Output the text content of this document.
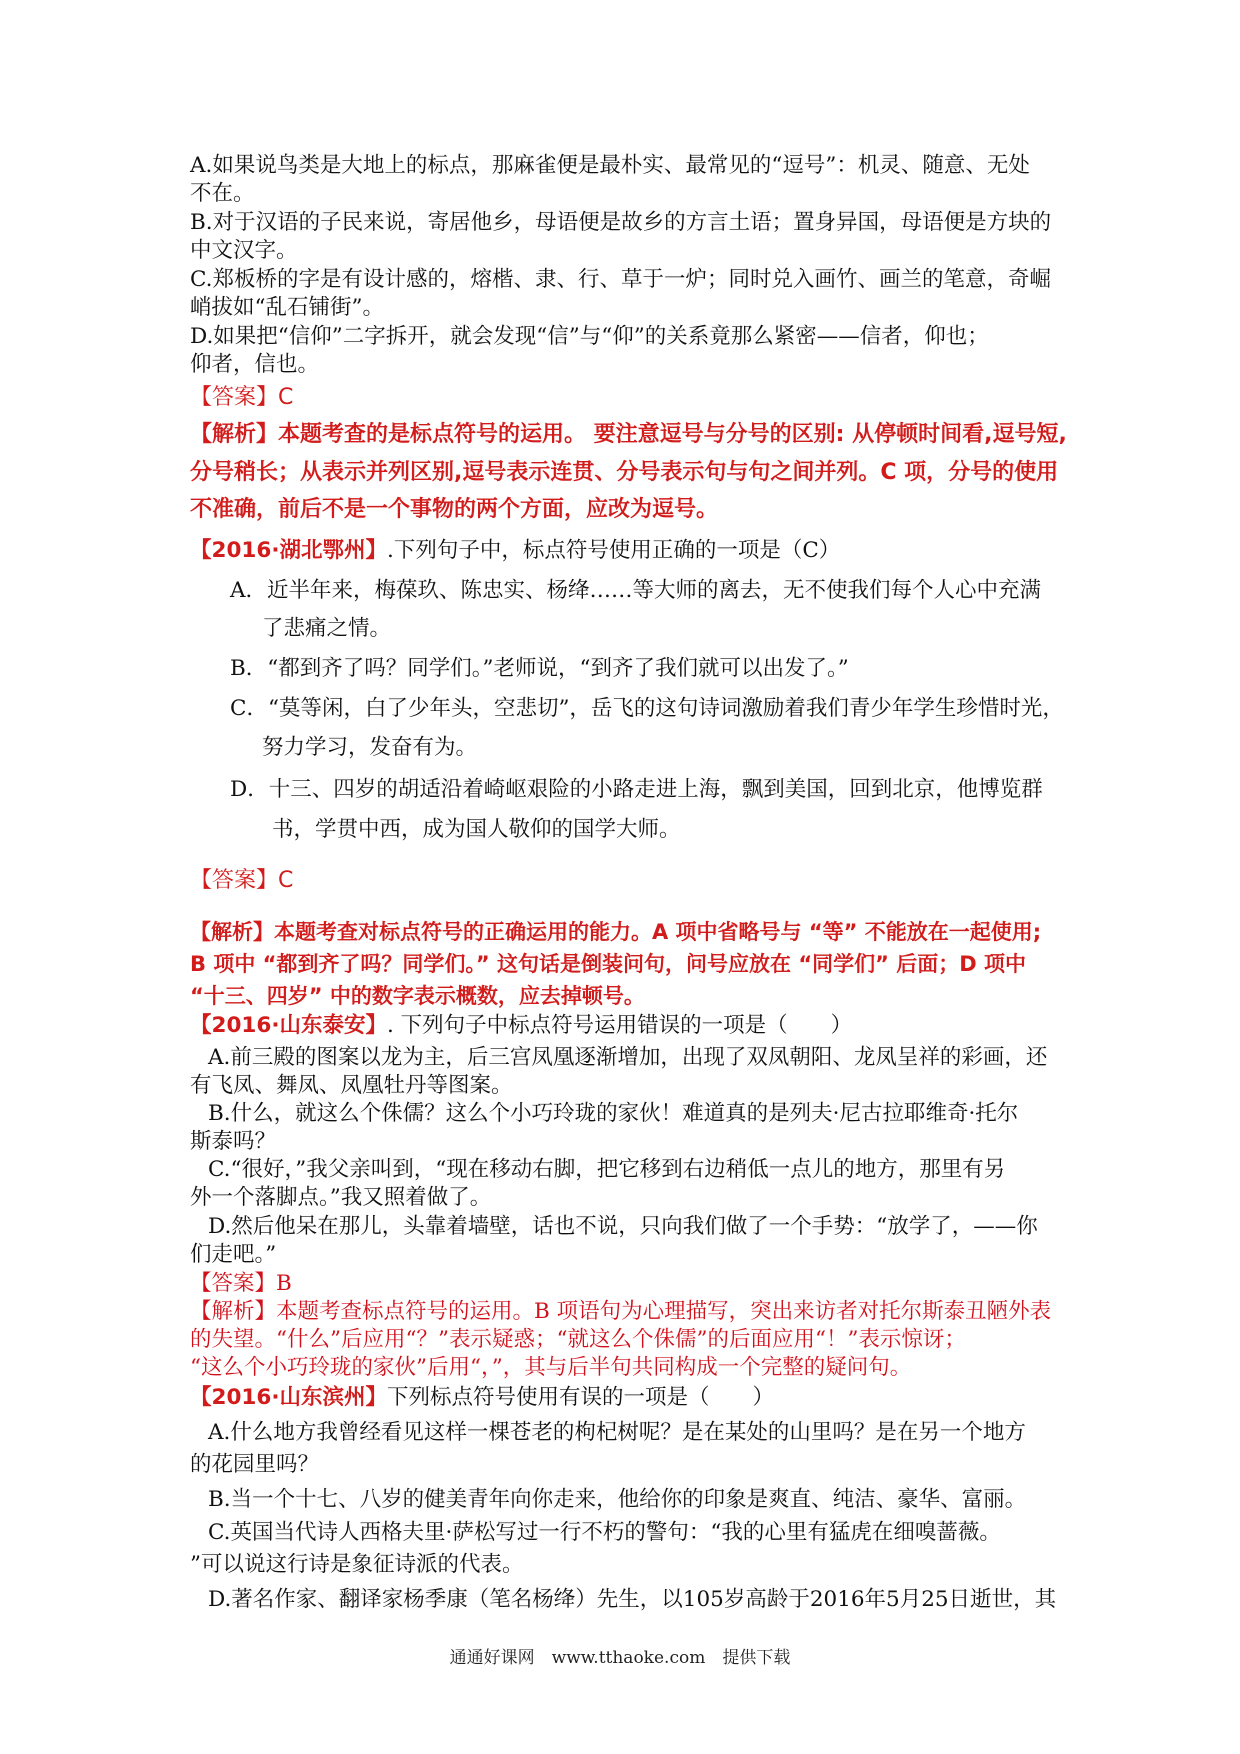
A.如果说鸟类是大地上的标点，那麻雀便是最朴实、最常见的“逗号”：机灵、随意、无处
不在。
B.对于汉语的子民来说，寄居他乡，母语便是故乡的方言土语；置身异国，母语便是方块的
中文汉字。
C.郑板桥的字是有设计感的，熔楷、隶、行、草于一炉；同时兑入画竹、画兰的笔意，奇崛
峭拔如“乱石铺街”。
D.如果把“信仰”二字拆开，就会发现“信”与“仰”的关系竟那么紧密——信者，仰也；
仰者，信也。
【答案】C
【解析】本题考查的是标点符号的运用。 要注意逗号与分号的区别: 从停顿时间看,逗号短,
分号稍长；从表示并列区别,逗号表示连贯、分号表示句与句之间并列。C 项，分号的使用
不准确，前后不是一个事物的两个方面，应改为逗号。
【2016·湖北鄂州】.下列句子中，标点符号使用正确的一项是（C）
A．近半年来，梅葆玖、陈忠实、杨绛……等大师的离去，无不使我们每个人心中充满
了悲痛之情。
B．“都到齐了吗？同学们。”老师说，“到齐了我们就可以出发了。”
C．“莫等闲，白了少年头，空悲切”，岳飞的这句诗词激励着我们青少年学生珍惜时光，
努力学习，发奋有为。
D．十三、四岁的胡适沿着崎岖艰险的小路走进上海，飘到美国，回到北京，他博览群
书，学贯中西，成为国人敬仰的国学大师。
【答案】C
【解析】本题考查对标点符号的正确运用的能力。A 项中省略号与 “等” 不能放在一起使用;
B 项中 “都到齐了吗？同学们。” 这句话是倒装问句，问号应放在 “同学们” 后面；D 项中
“十三、四岁” 中的数字表示概数，应去掉顿号。
【2016·山东泰安】. 下列句子中标点符号运用错误的一项是（　　）
A.前三殿的图案以龙为主，后三宫凤凰逐渐增加，出现了双凤朝阳、龙凤呈祥的彩画，还
有飞凤、舞凤、凤凰牡丹等图案。
B.什么，就这么个侏儒？这么个小巧玲珑的家伙！难道真的是列夫·尼古拉耶维奇·托尔
斯泰吗？
C.“很好，”我父亲叫到，“现在移动右脚，把它移到右边稍低一点儿的地方，那里有另
外一个落脚点。”我又照着做了。
D.然后他呆在那儿，头靠着墙壁，话也不说，只向我们做了一个手势：“放学了，——你
们走吧。”
【答案】B
【解析】本题考查标点符号的运用。B 项语句为心理描写，突出来访者对托尔斯泰丑陋外表
的失望。“什么”后应用“？”表示疑惑；“就这么个侏儒”的后面应用“！”表示惊讶；
“这么个小巧玲珑的家伙”后用“，”，其与后半句共同构成一个完整的疑问句。
【2016·山东滨州】下列标点符号使用有误的一项是（　　）
A.什么地方我曾经看见这样一棵苍老的枸杞树呢？是在某处的山里吗？是在另一个地方
的花园里吗？
B.当一个十七、八岁的健美青年向你走来，他给你的印象是爽直、纯洁、豪华、富丽。
C.英国当代诗人西格夫里·萨松写过一行不朽的警句：“我的心里有猛虎在细嗅蔷薇。
”可以说这行诗是象征诗派的代表。
D.著名作家、翻译家杨季康（笔名杨绛）先生，以105岁高龄于2016年5月25日逝世，其
通通好课网　www.tthaoke.com　提供下载
